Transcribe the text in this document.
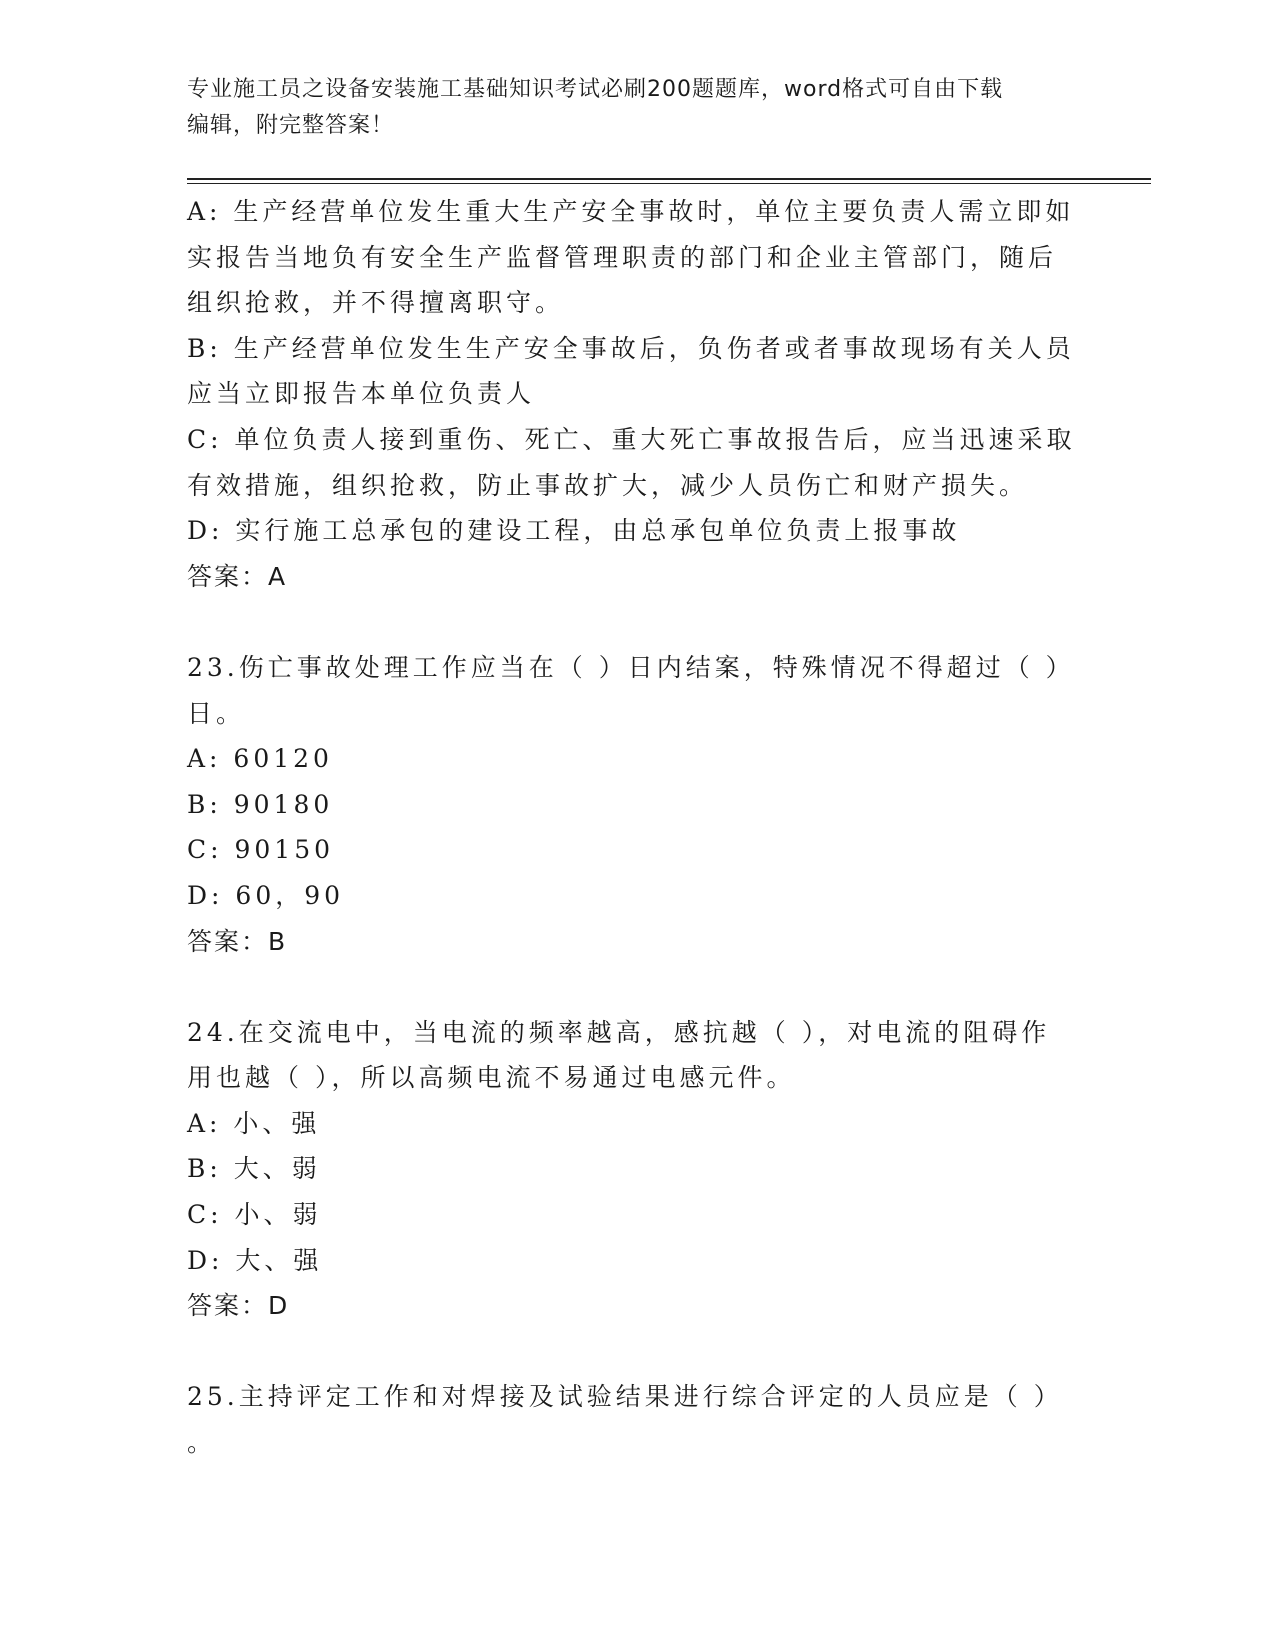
专业施工员之设备安装施工基础知识考试必刷200题题库，word格式可自由下载
编辑，附完整答案！
A: 生产经营单位发生重大生产安全事故时，单位主要负责人需立即如
实报告当地负有安全生产监督管理职责的部门和企业主管部门，随后
组织抢救，并不得擅离职守。
B: 生产经营单位发生生产安全事故后，负伤者或者事故现场有关人员
应当立即报告本单位负责人
C: 单位负责人接到重伤、死亡、重大死亡事故报告后，应当迅速采取
有效措施，组织抢救，防止事故扩大，减少人员伤亡和财产损失。
D: 实行施工总承包的建设工程，由总承包单位负责上报事故
答案：A
23.伤亡事故处理工作应当在（ ）日内结案，特殊情况不得超过（ ）
日。
A: 60120
B: 90180
C: 90150
D: 60，90
答案：B
24.在交流电中，当电流的频率越高，感抗越（ ），对电流的阻碍作
用也越（ ），所以高频电流不易通过电感元件。
A: 小、强
B: 大、弱
C: 小、弱
D: 大、强
答案：D
25.主持评定工作和对焊接及试验结果进行综合评定的人员应是（ ）
。
